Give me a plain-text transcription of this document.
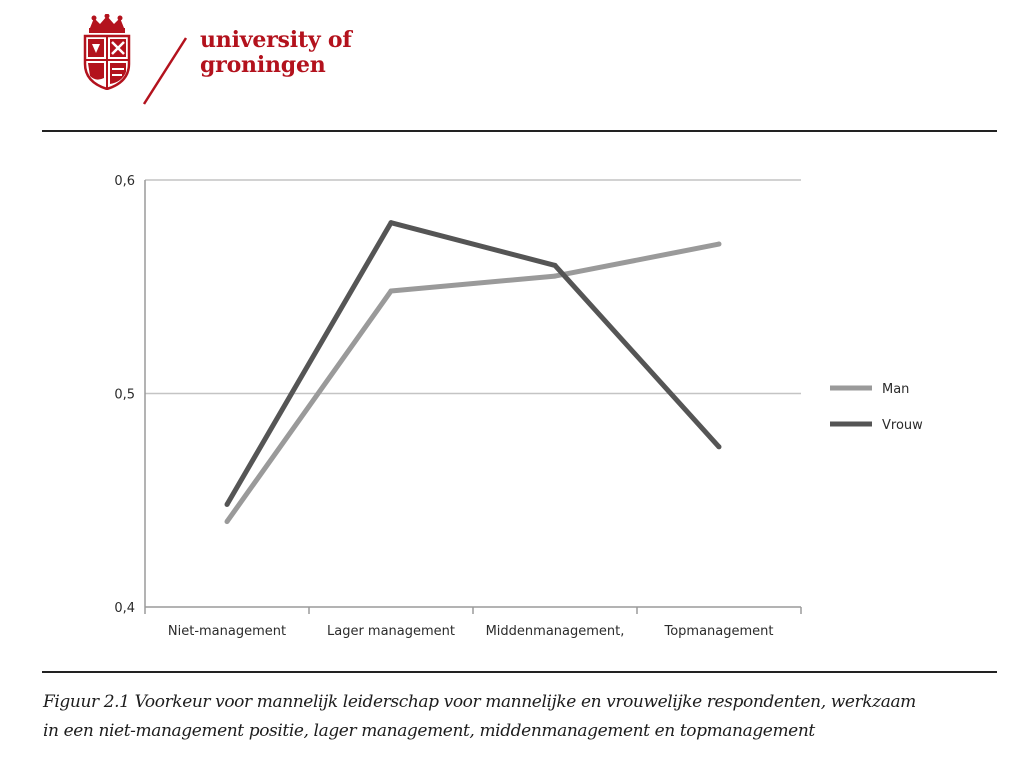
university of
groningen
0,4
0,5
0,6
Niet-management	Lager management Middenmanagement,	Topmanagement
Man
Vrouw
Figuur 2.1 Voorkeur voor mannelijk leiderschap voor mannelijke en vrouwelijke respondenten, werkzaam
in een niet-management positie, lager management, middenmanagement en topmanagement
